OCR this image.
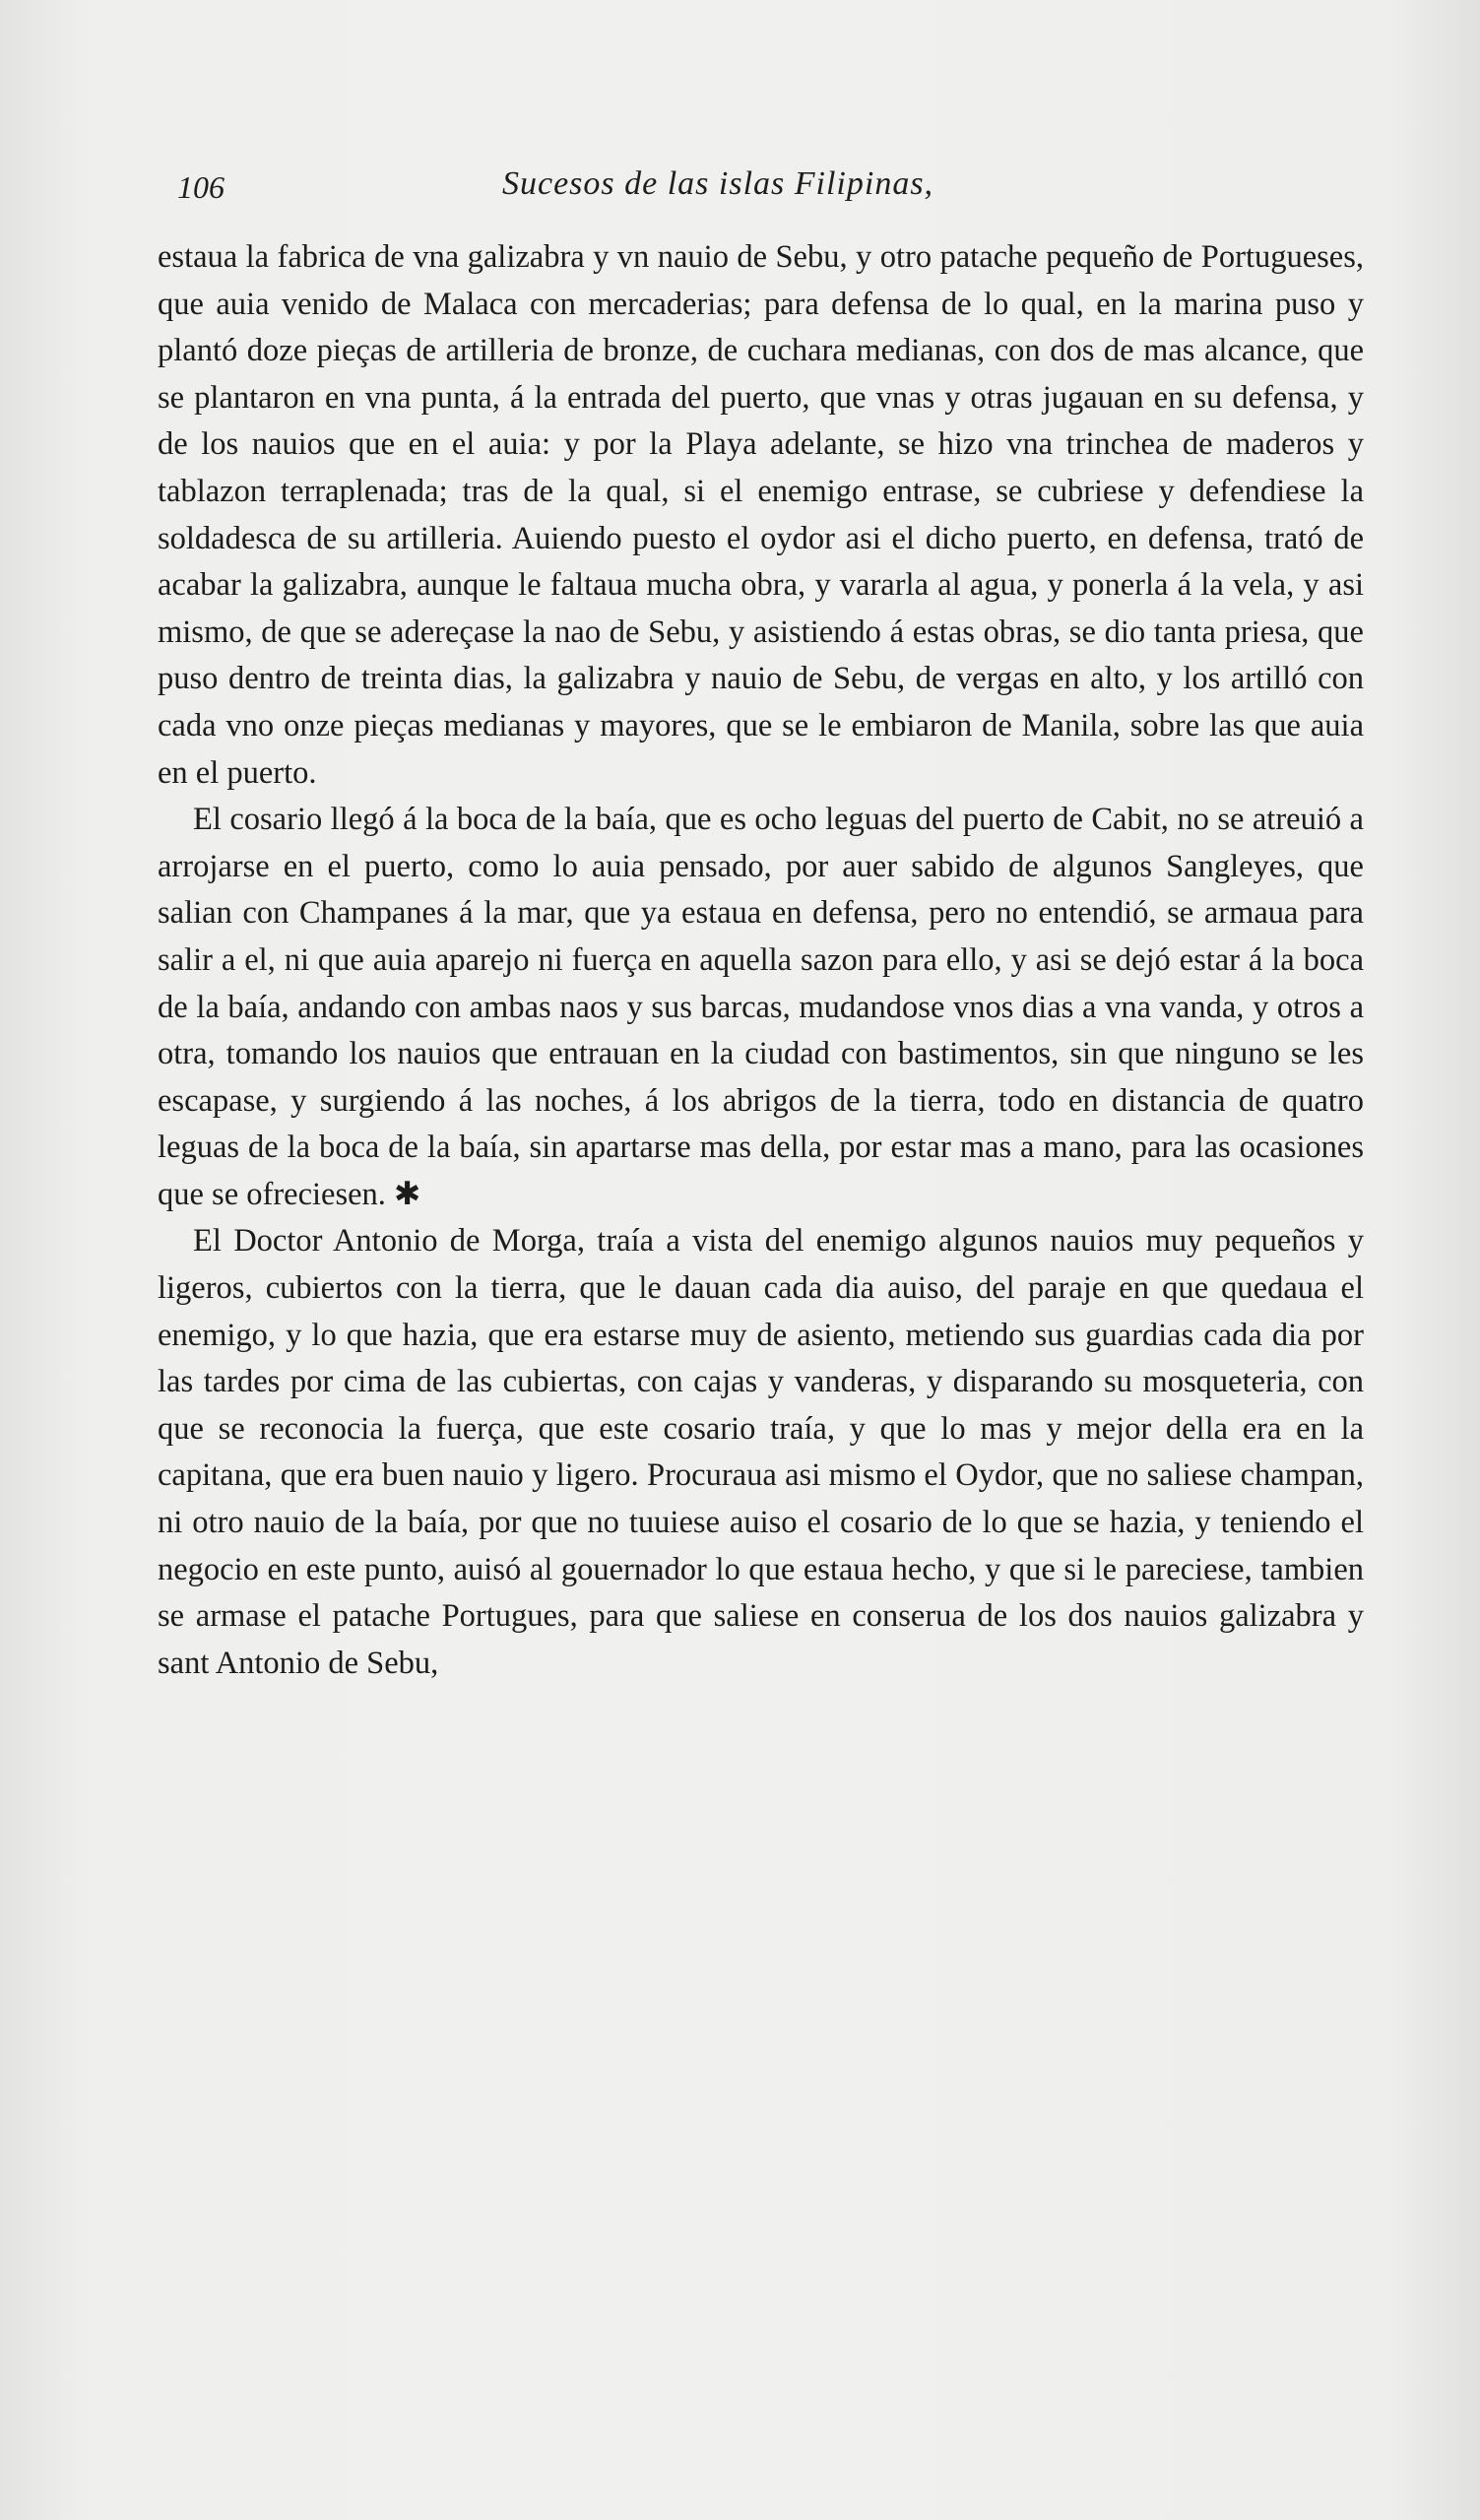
106	Sucesos de las islas Filipinas,

estaua la fabrica de vna galizabra y vn nauio de Sebu, y otro patache pequeño de Portugueses, que auia venido de Malaca con mercaderias; para defensa de lo qual, en la marina puso y plantó doze pieças de artilleria de bronze, de cuchara medianas, con dos de mas alcance, que se plantaron en vna punta, á la entrada del puerto, que vnas y otras jugauan en su defensa, y de los nauios que en el auia: y por la Playa adelante, se hizo vna trinchea de maderos y tablazon terraplenada; tras de la qual, si el enemigo entrase, se cubriese y defendiese la soldadesca de su artilleria. Auiendo puesto el oydor asi el dicho puerto, en defensa, trató de acabar la galizabra, aunque le faltaua mucha obra, y vararla al agua, y ponerla á la vela, y asi mismo, de que se adereçase la nao de Sebu, y asistiendo á estas obras, se dio tanta priesa, que puso dentro de treinta dias, la galizabra y nauio de Sebu, de vergas en alto, y los artilló con cada vno onze pieças medianas y mayores, que se le embiaron de Manila, sobre las que auia en el puerto.

El cosario llegó á la boca de la baía, que es ocho leguas del puerto de Cabit, no se atreuió a arrojarse en el puerto, como lo auia pensado, por auer sabido de algunos Sangleyes, que salian con Champanes á la mar, que ya estaua en defensa, pero no entendió, se armaua para salir a el, ni que auia aparejo ni fuerça en aquella sazon para ello, y asi se dejó estar á la boca de la baía, andando con ambas naos y sus barcas, mudandose vnos dias a vna vanda, y otros a otra, tomando los nauios que entrauan en la ciudad con bastimentos, sin que ninguno se les escapase, y surgiendo á las noches, á los abrigos de la tierra, todo en distancia de quatro leguas de la boca de la baía, sin apartarse mas della, por estar mas a mano, para las ocasiones que se ofreciesen. ✱

El Doctor Antonio de Morga, traía a vista del enemigo algunos nauios muy pequeños y ligeros, cubiertos con la tierra, que le dauan cada dia auiso, del paraje en que quedaua el enemigo, y lo que hazia, que era estarse muy de asiento, metiendo sus guardias cada dia por las tardes por cima de las cubiertas, con cajas y vanderas, y disparando su mosqueteria, con que se reconocia la fuerça, que este cosario traía, y que lo mas y mejor della era en la capitana, que era buen nauio y ligero. Procuraua asi mismo el Oydor, que no saliese champan, ni otro nauio de la baía, por que no tuuiese auiso el cosario de lo que se hazia, y teniendo el negocio en este punto, auisó al gouernador lo que estaua hecho, y que si le pareciese, tambien se armase el patache Portugues, para que saliese en conserua de los dos nauios galizabra y sant Antonio de Sebu,
